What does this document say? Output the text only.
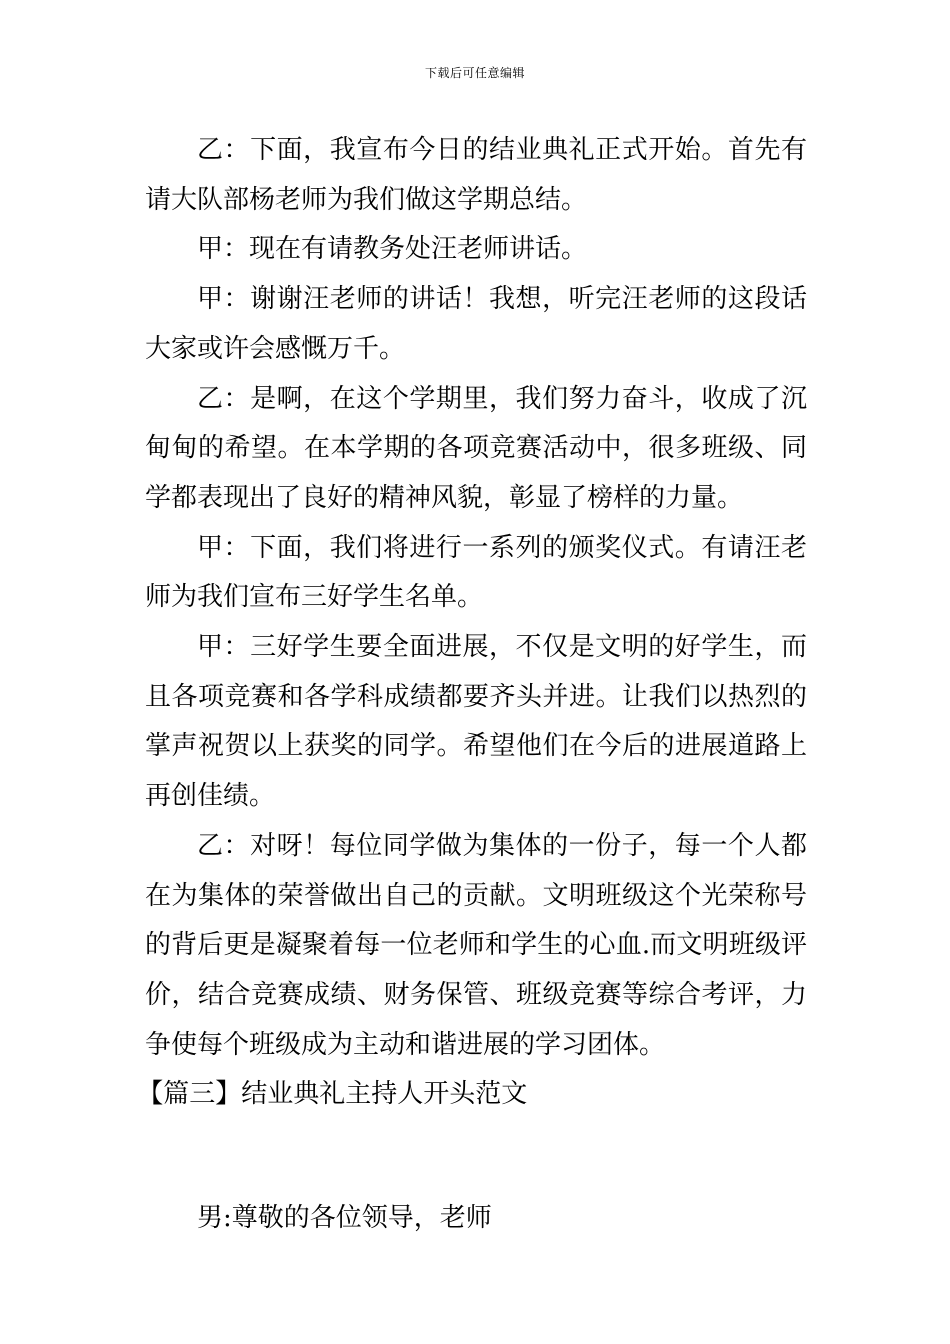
下载后可任意编辑

乙：下面，我宣布今日的结业典礼正式开始。首先有请大队部杨老师为我们做这学期总结。

甲：现在有请教务处汪老师讲话。

甲：谢谢汪老师的讲话！我想，听完汪老师的这段话大家或许会感慨万千。

乙：是啊，在这个学期里，我们努力奋斗，收成了沉甸甸的希望。在本学期的各项竞赛活动中，很多班级、同学都表现出了良好的精神风貌，彰显了榜样的力量。

甲：下面，我们将进行一系列的颁奖仪式。有请汪老师为我们宣布三好学生名单。

甲：三好学生要全面进展，不仅是文明的好学生，而且各项竞赛和各学科成绩都要齐头并进。让我们以热烈的掌声祝贺以上获奖的同学。希望他们在今后的进展道路上再创佳绩。

乙：对呀！每位同学做为集体的一份子，每一个人都在为集体的荣誉做出自己的贡献。文明班级这个光荣称号的背后更是凝聚着每一位老师和学生的心血.而文明班级评价，结合竞赛成绩、财务保管、班级竞赛等综合考评，力争使每个班级成为主动和谐进展的学习团体。

【篇三】结业典礼主持人开头范文

男:尊敬的各位领导，老师
